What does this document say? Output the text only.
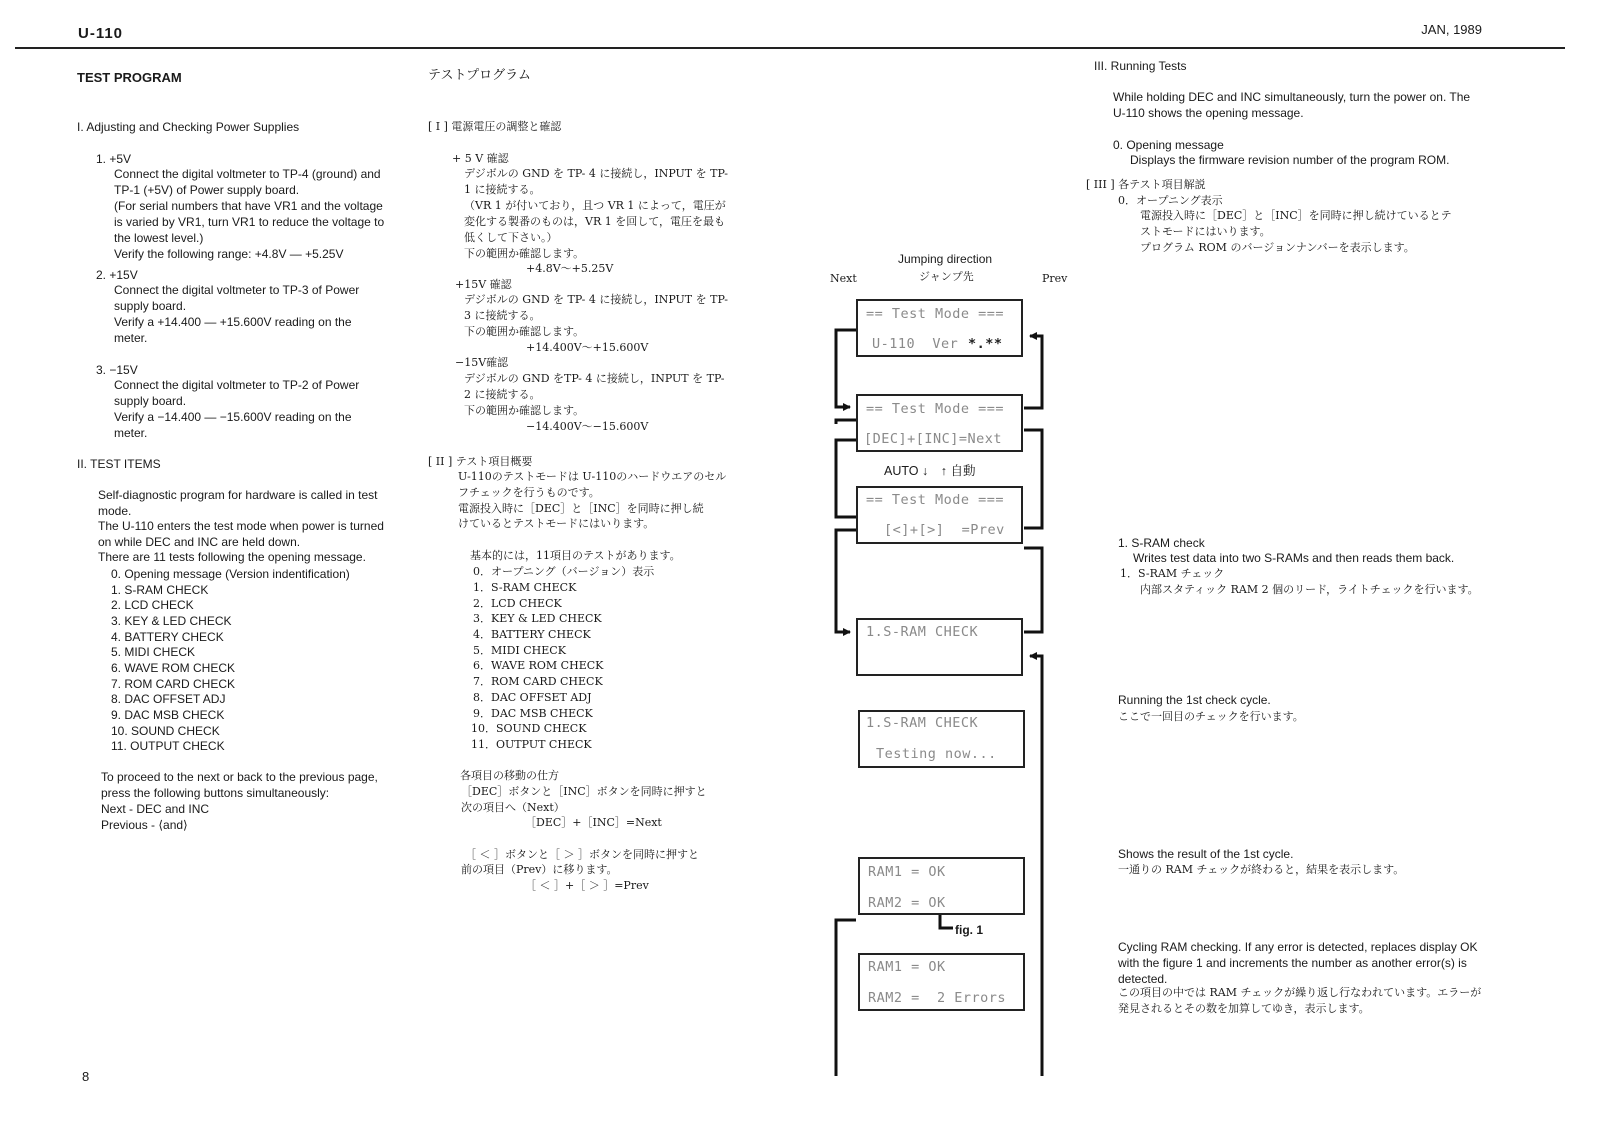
U-110	JAN, 1989
TEST PROGRAM
I. Adjusting and Checking Power Supplies
1. +5V
Connect the digital voltmeter to TP-4 (ground) and
TP-1 (+5V) of Power supply board.
(For serial numbers that have VR1 and the voltage
is varied by VR1, turn VR1 to reduce the voltage to
the lowest level.)
Verify the following range: +4.8V — +5.25V
2. +15V
Connect the digital voltmeter to TP-3 of Power
supply board.
Verify a +14.400 — +15.600V reading on the
meter.
3. −15V
Connect the digital voltmeter to TP-2 of Power
supply board.
Verify a −14.400 — −15.600V reading on the
meter.
II. TEST ITEMS
Self-diagnostic program for hardware is called in test
mode.
The U-110 enters the test mode when power is turned
on while DEC and INC are held down.
There are 11 tests following the opening message.
0. Opening message (Version indentification)
1. S-RAM CHECK
2. LCD CHECK
3. KEY & LED CHECK
4. BATTERY CHECK
5. MIDI CHECK
6. WAVE ROM CHECK
7. ROM CARD CHECK
8. DAC OFFSET ADJ
9. DAC MSB CHECK
10. SOUND CHECK
11. OUTPUT CHECK
To proceed to the next or back to the previous page,
press the following buttons simultaneously:
Next - DEC and INC
Previous - ⟨and⟩
8
テストプログラム
[ I ] 電源電圧の調整と確認
+ 5 V 確認
デジボルの GND を TP- 4 に接続し，INPUT を TP-
1 に接続する。
（VR 1 が付いており，且つ VR 1 によって，電圧が
変化する製番のものは，VR 1 を回して，電圧を最も
低くして下さい。）
下の範囲か確認します。
+4.8V～+5.25V
+15V 確認
デジボルの GND を TP- 4 に接続し，INPUT を TP-
3 に接続する。
下の範囲か確認します。
+14.400V～+15.600V
−15V確認
デジボルの GND をTP- 4 に接続し，INPUT を TP-
2 に接続する。
下の範囲か確認します。
−14.400V～−15.600V
[ II ] テスト項目概要
U-110のテストモードは U-110のハードウエアのセル
フチェックを行うものです。
電源投入時に［DEC］と［INC］を同時に押し続
けているとテストモードにはいります。
基本的には，11項目のテストがあります。
0．オープニング（バージョン）表示
1．S-RAM CHECK
2．LCD CHECK
3．KEY & LED CHECK
4．BATTERY CHECK
5．MIDI CHECK
6．WAVE ROM CHECK
7．ROM CARD CHECK
8．DAC OFFSET ADJ
9．DAC MSB CHECK
10．SOUND CHECK
11．OUTPUT CHECK
各項目の移動の仕方
［DEC］ボタンと［INC］ボタンを同時に押すと
次の項目へ（Next）
［DEC］+［INC］=Next
［ ＜ ］ボタンと［ ＞ ］ボタンを同時に押すと
前の項目（Prev）に移ります。
［ ＜ ］+［ ＞ ］=Prev
Jumping direction
ジャンプ先
Next	Prev
== Test Mode ===
U-110  Ver *.**
== Test Mode ===
[DEC]+[INC]=Next
AUTO ↓　↑ 自動
== Test Mode ===
[<]+[>]  =Prev
1.S-RAM CHECK
1.S-RAM CHECK
Testing now...
RAM1 = OK
RAM2 = OK
fig. 1
RAM1 = OK
RAM2 =  2 Errors
III. Running Tests
While holding DEC and INC simultaneously, turn the power on. The
U-110 shows the opening message.
0. Opening message
Displays the firmware revision number of the program ROM.
[ III ] 各テスト項目解説
0．オープニング表示
電源投入時に［DEC］と［INC］を同時に押し続けているとテ
ストモードにはいります。
プログラム ROM のバージョンナンバーを表示します。
1. S-RAM check
Writes test data into two S-RAMs and then reads them back.
1．S-RAM チェック
内部スタティック RAM 2 個のリード，ライトチェックを行います。
Running the 1st check cycle.
ここで一回目のチェックを行います。
Shows the result of the 1st cycle.
一通りの RAM チェックが終わると，結果を表示します。
Cycling RAM checking. If any error is detected, replaces display OK
with the figure 1 and increments the number as another error(s) is
detected.
この項目の中では RAM チェックが繰り返し行なわれています。エラーが
発見されるとその数を加算してゆき，表示します。
